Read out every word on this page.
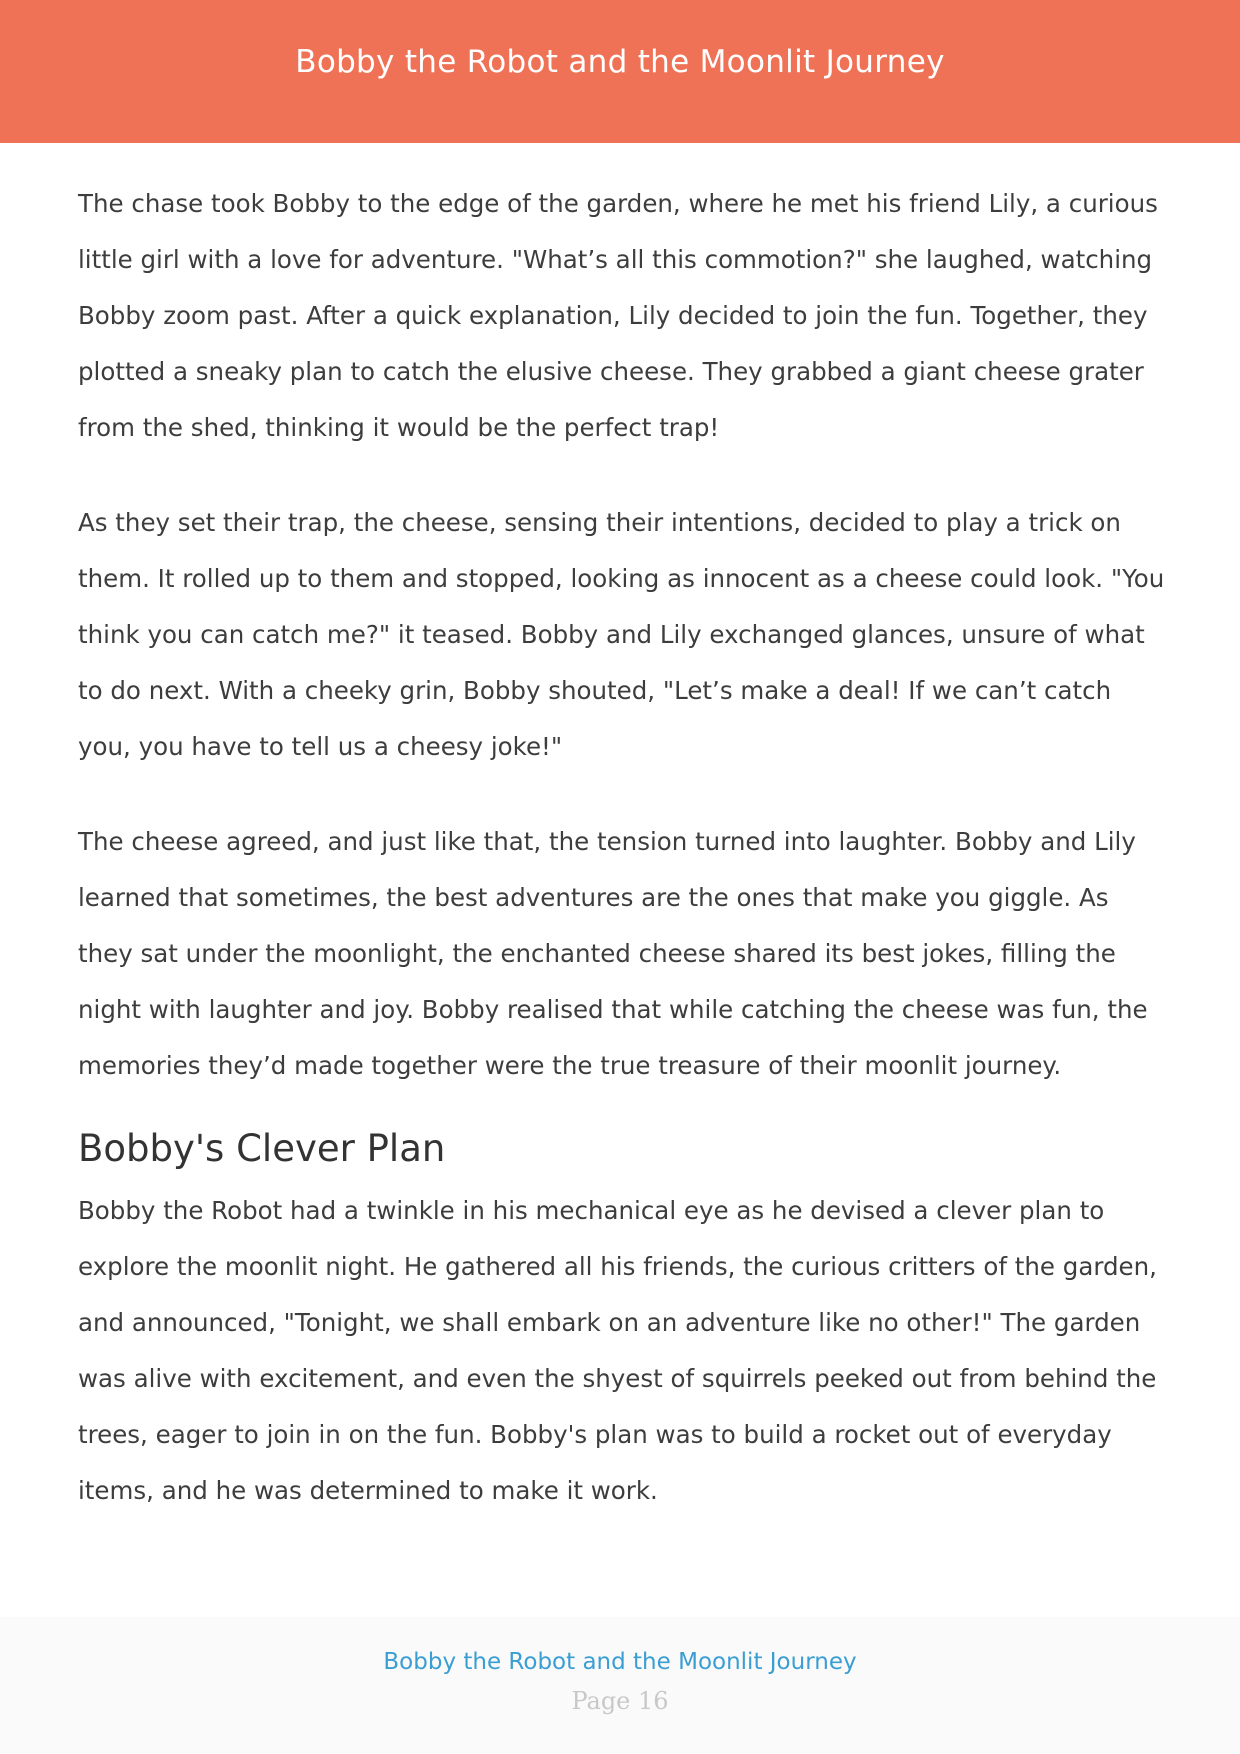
Bobby the Robot and the Moonlit Journey

The chase took Bobby to the edge of the garden, where he met his friend Lily, a curious little girl with a love for adventure. "What’s all this commotion?" she laughed, watching Bobby zoom past. After a quick explanation, Lily decided to join the fun. Together, they plotted a sneaky plan to catch the elusive cheese. They grabbed a giant cheese grater from the shed, thinking it would be the perfect trap!

As they set their trap, the cheese, sensing their intentions, decided to play a trick on them. It rolled up to them and stopped, looking as innocent as a cheese could look. "You think you can catch me?" it teased. Bobby and Lily exchanged glances, unsure of what to do next. With a cheeky grin, Bobby shouted, "Let’s make a deal! If we can’t catch you, you have to tell us a cheesy joke!"

The cheese agreed, and just like that, the tension turned into laughter. Bobby and Lily learned that sometimes, the best adventures are the ones that make you giggle. As they sat under the moonlight, the enchanted cheese shared its best jokes, filling the night with laughter and joy. Bobby realised that while catching the cheese was fun, the memories they’d made together were the true treasure of their moonlit journey.

Bobby's Clever Plan

Bobby the Robot had a twinkle in his mechanical eye as he devised a clever plan to explore the moonlit night. He gathered all his friends, the curious critters of the garden, and announced, "Tonight, we shall embark on an adventure like no other!" The garden was alive with excitement, and even the shyest of squirrels peeked out from behind the trees, eager to join in on the fun. Bobby's plan was to build a rocket out of everyday items, and he was determined to make it work.

Bobby the Robot and the Moonlit Journey
Page 16
